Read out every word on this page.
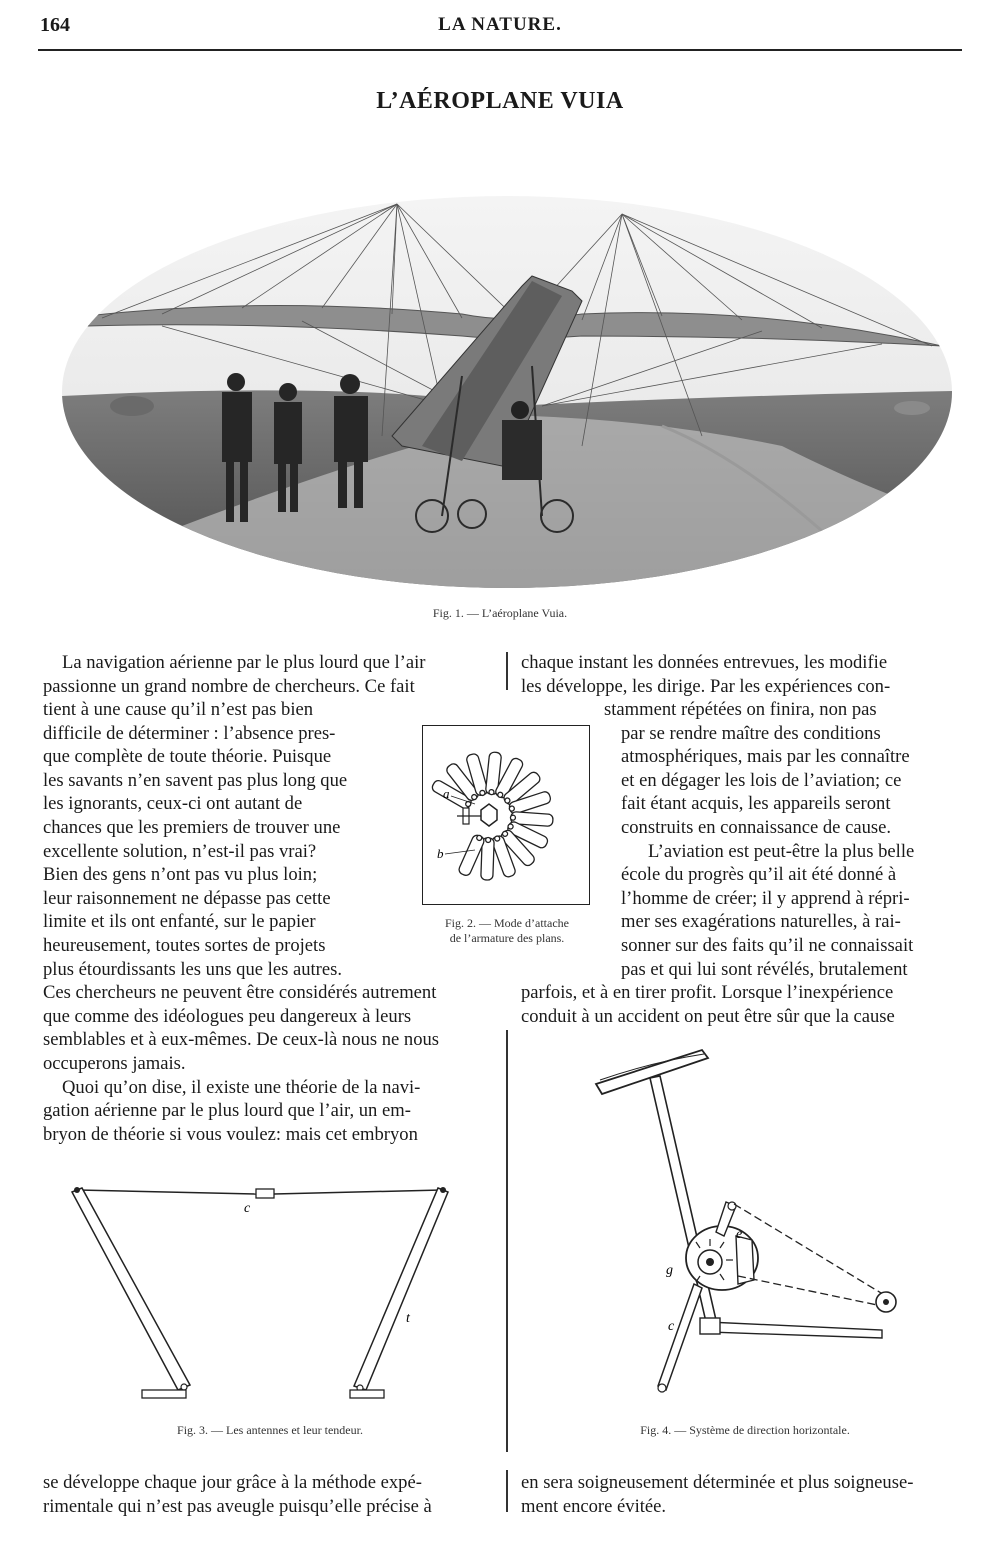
164	LA NATURE.
L’AÉROPLANE VUIA
Fig. 1. — L’aéroplane Vuia.
La navigation aérienne par le plus lourd que l’air
passionne un grand nombre de chercheurs. Ce fait
tient à une cause qu’il n’est pas bien
difficile de déterminer : l’absence pres-
que complète de toute théorie. Puisque
les savants n’en savent pas plus long que
les ignorants, ceux-ci ont autant de
chances que les premiers de trouver une
excellente solution, n’est-il pas vrai?
Bien des gens n’ont pas vu plus loin;
leur raisonnement ne dépasse pas cette
limite et ils ont enfanté, sur le papier
heureusement, toutes sortes de projets
plus étourdissants les uns que les autres.
Ces chercheurs ne peuvent être considérés autrement
que comme des idéologues peu dangereux à leurs
semblables et à eux-mêmes. De ceux-là nous ne nous
occuperons jamais.
Quoi qu’on dise, il existe une théorie de la navi-
gation aérienne par le plus lourd que l’air, un em-
bryon de théorie si vous voulez: mais cet embryon
a
b
Fig. 2. — Mode d’attache
de l’armature des plans.
chaque instant les données entrevues, les modifie
les développe, les dirige. Par les expériences con-
stamment répétées on finira, non pas
par se rendre maître des conditions
atmosphériques, mais par les connaître
et en dégager les lois de l’aviation; ce
fait étant acquis, les appareils seront
construits en connaissance de cause.
L’aviation est peut-être la plus belle
école du progrès qu’il ait été donné à
l’homme de créer; il y apprend à répri-
mer ses exagérations naturelles, à rai-
sonner sur des faits qu’il ne connaissait
pas et qui lui sont révélés, brutalement
parfois, et à en tirer profit. Lorsque l’inexpérience
conduit à un accident on peut être sûr que la cause
c
t
Fig. 3. — Les antennes et leur tendeur.
e
g
c
Fig. 4. — Système de direction horizontale.
se développe chaque jour grâce à la méthode expé-
rimentale qui n’est pas aveugle puisqu’elle précise à
en sera soigneusement déterminée et plus soigneuse-
ment encore évitée.
